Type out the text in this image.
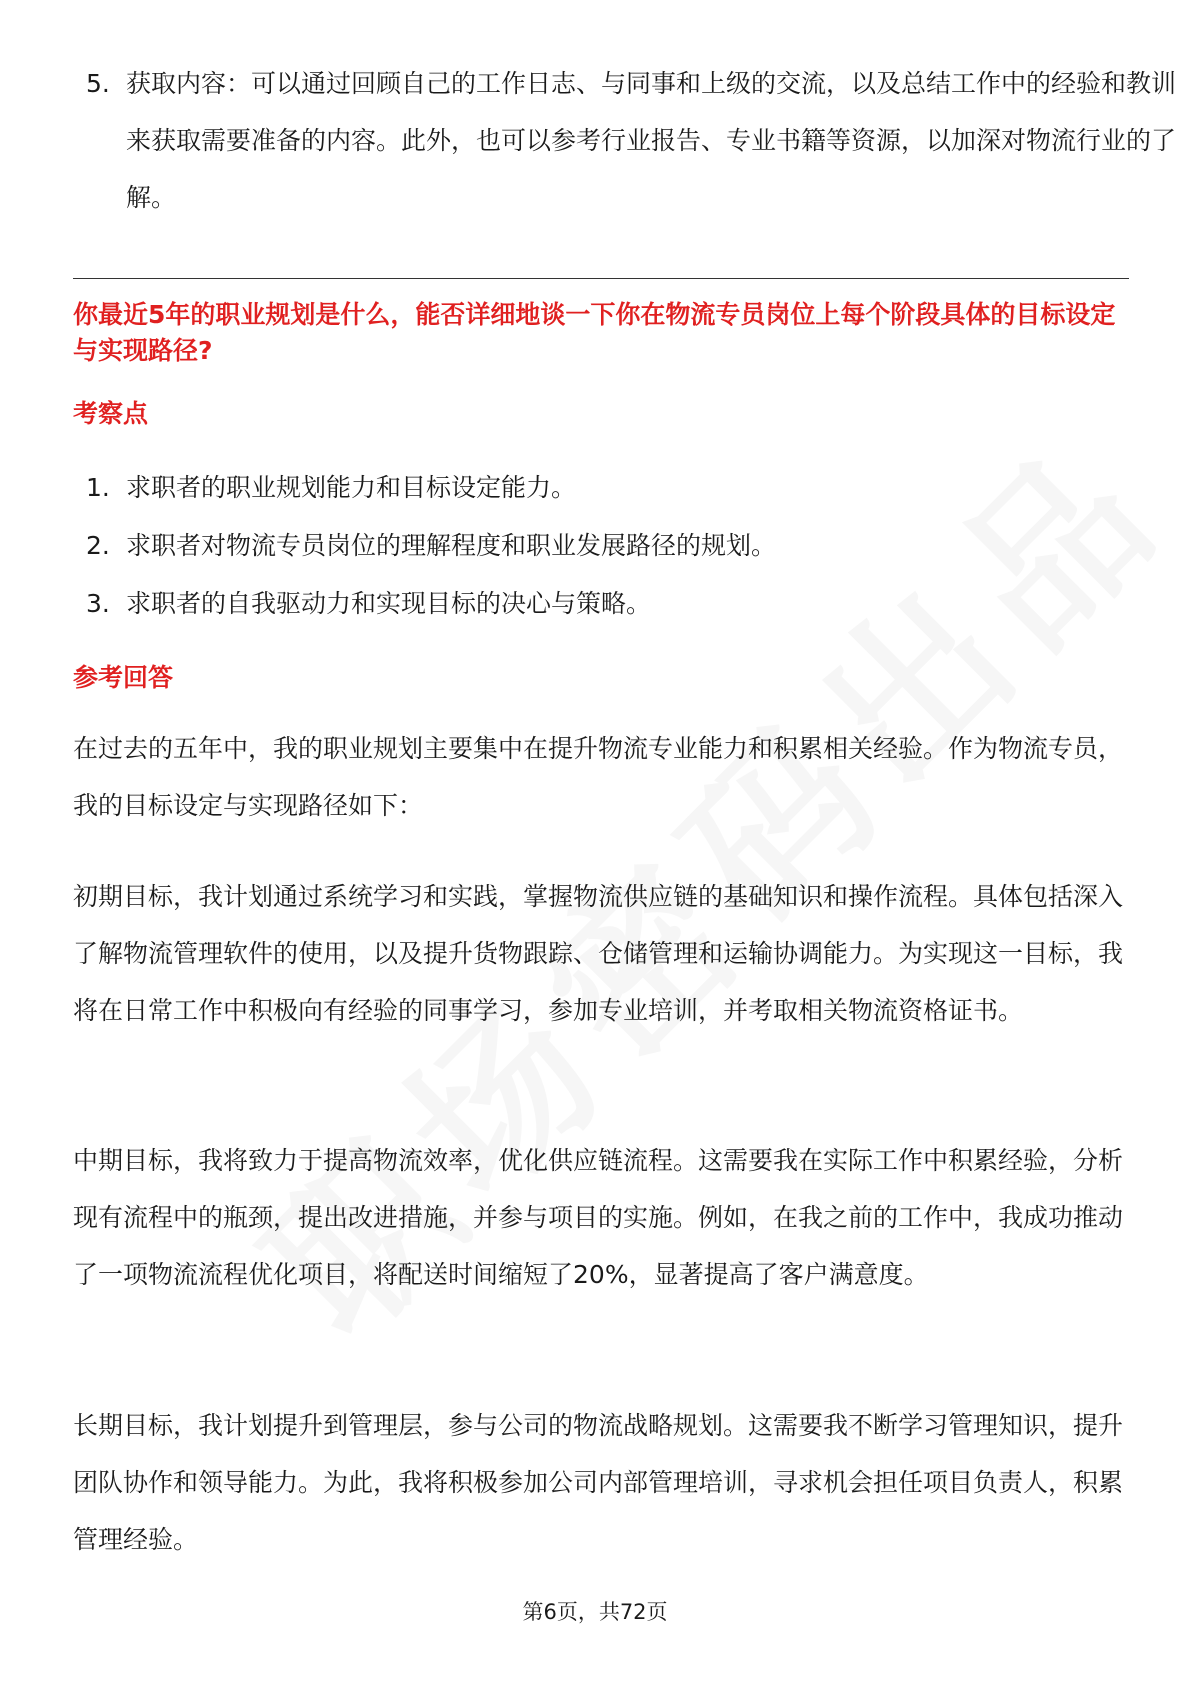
5. 获取内容：可以通过回顾自己的工作日志、与同事和上级的交流，以及总结工作中的经验和教训来获取需要准备的内容。此外，也可以参考行业报告、专业书籍等资源，以加深对物流行业的了解。
你最近5年的职业规划是什么，能否详细地谈一下你在物流专员岗位上每个阶段具体的目标设定与实现路径?
考察点
1. 求职者的职业规划能力和目标设定能力。
2. 求职者对物流专员岗位的理解程度和职业发展路径的规划。
3. 求职者的自我驱动力和实现目标的决心与策略。
参考回答
在过去的五年中，我的职业规划主要集中在提升物流专业能力和积累相关经验。作为物流专员，我的目标设定与实现路径如下：
初期目标，我计划通过系统学习和实践，掌握物流供应链的基础知识和操作流程。具体包括深入了解物流管理软件的使用，以及提升货物跟踪、仓储管理和运输协调能力。为实现这一目标，我将在日常工作中积极向有经验的同事学习，参加专业培训，并考取相关物流资格证书。
中期目标，我将致力于提高物流效率，优化供应链流程。这需要我在实际工作中积累经验，分析现有流程中的瓶颈，提出改进措施，并参与项目的实施。例如，在我之前的工作中，我成功推动了一项物流流程优化项目，将配送时间缩短了20%，显著提高了客户满意度。
长期目标，我计划提升到管理层，参与公司的物流战略规划。这需要我不断学习管理知识，提升团队协作和领导能力。为此，我将积极参加公司内部管理培训，寻求机会担任项目负责人，积累管理经验。
第6页，共72页
